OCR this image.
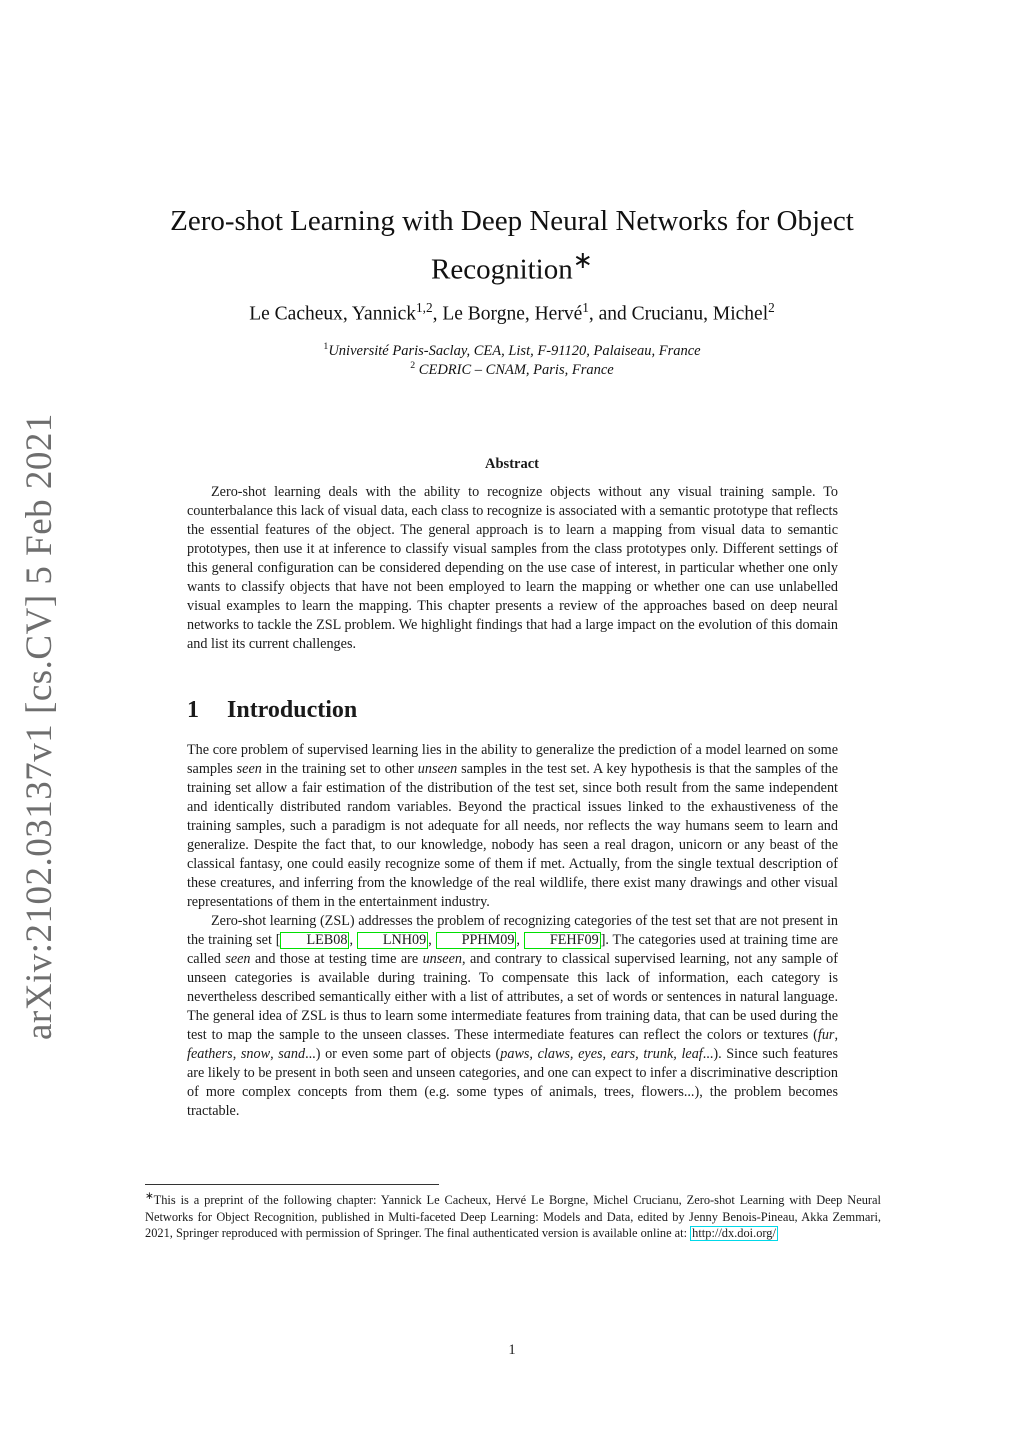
arXiv:2102.03137v1 [cs.CV] 5 Feb 2021
Zero-shot Learning with Deep Neural Networks for Object Recognition∗
Le Cacheux, Yannick$^{1,2}$, Le Borgne, Hervé$^1$, and Crucianu, Michel$^2$
$^1$Université Paris-Saclay, CEA, List, F-91120, Palaiseau, France
$^2$ CEDRIC – CNAM, Paris, France
Abstract

Zero-shot learning deals with the ability to recognize objects without any visual training sample. To counterbalance this lack of visual data, each class to recognize is associated with a semantic prototype that reflects the essential features of the object. The general approach is to learn a mapping from visual data to semantic prototypes, then use it at inference to classify visual samples from the class prototypes only. Different settings of this general configuration can be considered depending on the use case of interest, in particular whether one only wants to classify objects that have not been employed to learn the mapping or whether one can use unlabelled visual examples to learn the mapping. This chapter presents a review of the approaches based on deep neural networks to tackle the ZSL problem. We highlight findings that had a large impact on the evolution of this domain and list its current challenges.

1 Introduction

The core problem of supervised learning lies in the ability to generalize the prediction of a model learned on some samples seen in the training set to other unseen samples in the test set. A key hypothesis is that the samples of the training set allow a fair estimation of the distribution of the test set, since both result from the same independent and identically distributed random variables. Beyond the practical issues linked to the exhaustiveness of the training samples, such a paradigm is not adequate for all needs, nor reflects the way humans seem to learn and generalize. Despite the fact that, to our knowledge, nobody has seen a real dragon, unicorn or any beast of the classical fantasy, one could easily recognize some of them if met. Actually, from the single textual description of these creatures, and inferring from the knowledge of the real wildlife, there exist many drawings and other visual representations of them in the entertainment industry.

Zero-shot learning (ZSL) addresses the problem of recognizing categories of the test set that are not present in the training set [ LEB08 , LNH09 , PPHM09 , FEHF09 ]. The categories used at training time are called seen and those at testing time are unseen, and contrary to classical supervised learning, not any sample of unseen categories is available during training. To compensate this lack of information, each category is nevertheless described semantically either with a list of attributes, a set of words or sentences in natural language. The general idea of ZSL is thus to learn some intermediate features from training data, that can be used during the test to map the sample to the unseen classes. These intermediate features can reflect the colors or textures (fur, feathers, snow, sand...) or even some part of objects (paws, claws, eyes, ears, trunk, leaf...). Since such features are likely to be present in both seen and unseen categories, and one can expect to infer a discriminative description of more complex concepts from them (e.g. some types of animals, trees, flowers...), the problem becomes tractable.

∗This is a preprint of the following chapter: Yannick Le Cacheux, Hervé Le Borgne, Michel Crucianu, Zero-shot Learning with Deep Neural Networks for Object Recognition, published in Multi-faceted Deep Learning: Models and Data, edited by Jenny Benois-Pineau, Akka Zemmari, 2021, Springer reproduced with permission of Springer. The final authenticated version is available online at: http://dx.doi.org/
1
